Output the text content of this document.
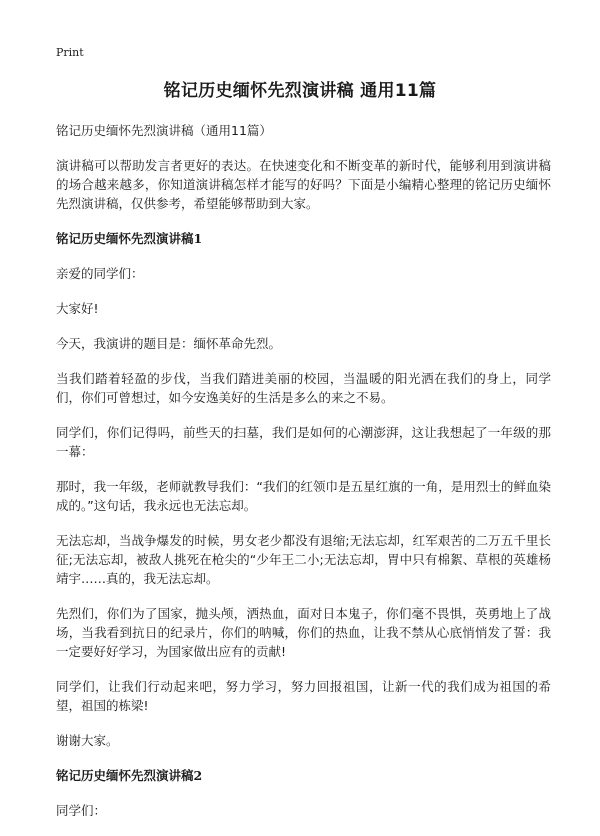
Print
铭记历史缅怀先烈演讲稿 通用11篇

铭记历史缅怀先烈演讲稿（通用11篇）

演讲稿可以帮助发言者更好的表达。在快速变化和不断变革的新时代，能够利用到演讲稿的场合越来越多，你知道演讲稿怎样才能写的好吗？下面是小编精心整理的铭记历史缅怀先烈演讲稿，仅供参考，希望能够帮助到大家。

铭记历史缅怀先烈演讲稿1

亲爱的同学们：

大家好!

今天，我演讲的题目是：缅怀革命先烈。

当我们踏着轻盈的步伐，当我们踏进美丽的校园，当温暖的阳光洒在我们的身上，同学们，你们可曾想过，如今安逸美好的生活是多么的来之不易。

同学们，你们记得吗，前些天的扫墓，我们是如何的心潮澎湃，这让我想起了一年级的那一幕：

那时，我一年级，老师就教导我们：“我们的红领巾是五星红旗的一角，是用烈士的鲜血染成的。”这句话，我永远也无法忘却。

无法忘却，当战争爆发的时候，男女老少都没有退缩;无法忘却，红军艰苦的二万五千里长征;无法忘却，被敌人挑死在枪尖的“少年王二小;无法忘却，胃中只有棉絮、草根的英雄杨靖宇……真的，我无法忘却。

先烈们，你们为了国家，抛头颅，洒热血，面对日本鬼子，你们毫不畏惧，英勇地上了战场，当我看到抗日的纪录片，你们的呐喊，你们的热血，让我不禁从心底悄悄发了誓：我一定要好好学习，为国家做出应有的贡献!

同学们，让我们行动起来吧，努力学习，努力回报祖国，让新一代的我们成为祖国的希望，祖国的栋梁!

谢谢大家。

铭记历史缅怀先烈演讲稿2

同学们：
